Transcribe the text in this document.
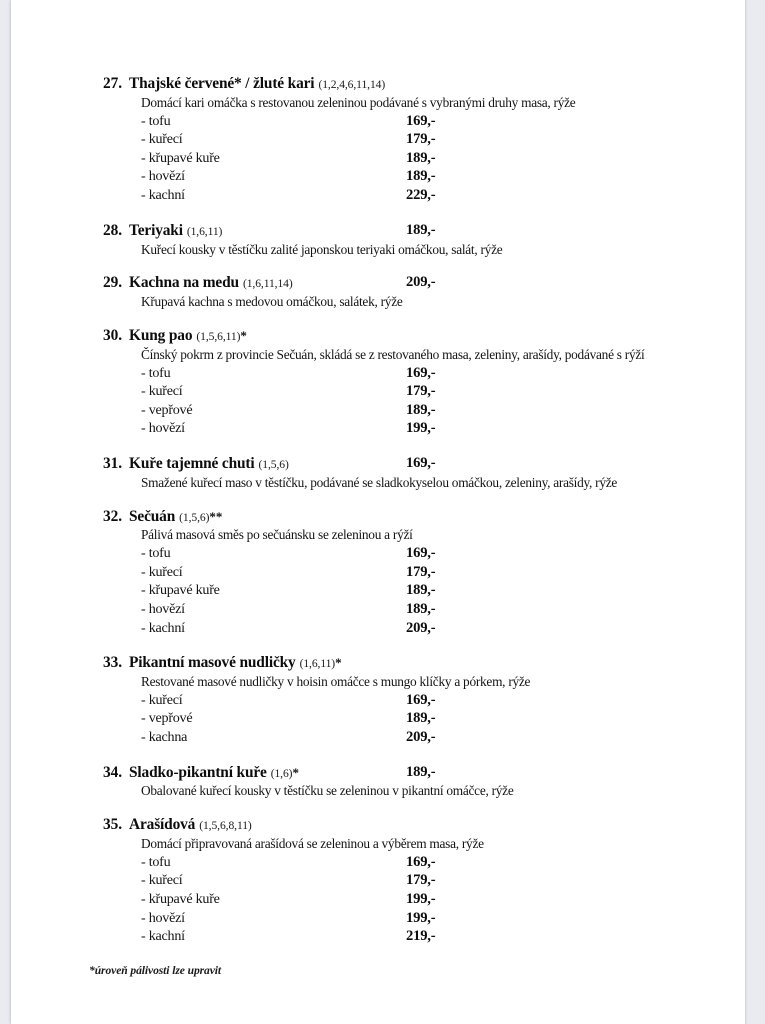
27. Thajské červené* / žluté kari (1,2,4,6,11,14)
Domácí kari omáčka s restovanou zeleninou podávané s vybranými druhy masa, rýže
- tofu	169,-
- kuřecí	179,-
- křupavé kuře	189,-
- hovězí	189,-
- kachní	229,-
28. Teriyaki (1,6,11)	189,-
Kuřecí kousky v těstíčku zalité japonskou teriyaki omáčkou, salát, rýže
29. Kachna na medu (1,6,11,14)	209,-
Křupavá kachna s medovou omáčkou, salátek, rýže
30. Kung pao (1,5,6,11)*
Čínský pokrm z provincie Sečuán, skládá se z restovaného masa, zeleniny, arašídy, podávané s rýží
- tofu	169,-
- kuřecí	179,-
- vepřové	189,-
- hovězí	199,-
31. Kuře tajemné chuti (1,5,6)	169,-
Smažené kuřecí maso v těstíčku, podávané se sladkokyselou omáčkou, zeleniny, arašídy, rýže
32. Sečuán (1,5,6)**
Pálivá masová směs po sečuánsku se zeleninou a rýží
- tofu	169,-
- kuřecí	179,-
- křupavé kuře	189,-
- hovězí	189,-
- kachní	209,-
33. Pikantní masové nudličky (1,6,11)*
Restované masové nudličky v hoisin omáčce s mungo klíčky a pórkem, rýže
- kuřecí	169,-
- vepřové	189,-
- kachna	209,-
34. Sladko-pikantní kuře (1,6)*	189,-
Obalované kuřecí kousky v těstíčku se zeleninou v pikantní omáčce, rýže
35. Arašídová (1,5,6,8,11)
Domácí připravovaná arašídová se zeleninou a výběrem masa, rýže
- tofu	169,-
- kuřecí	179,-
- křupavé kuře	199,-
- hovězí	199,-
- kachní	219,-
*úroveň pálivosti lze upravit
